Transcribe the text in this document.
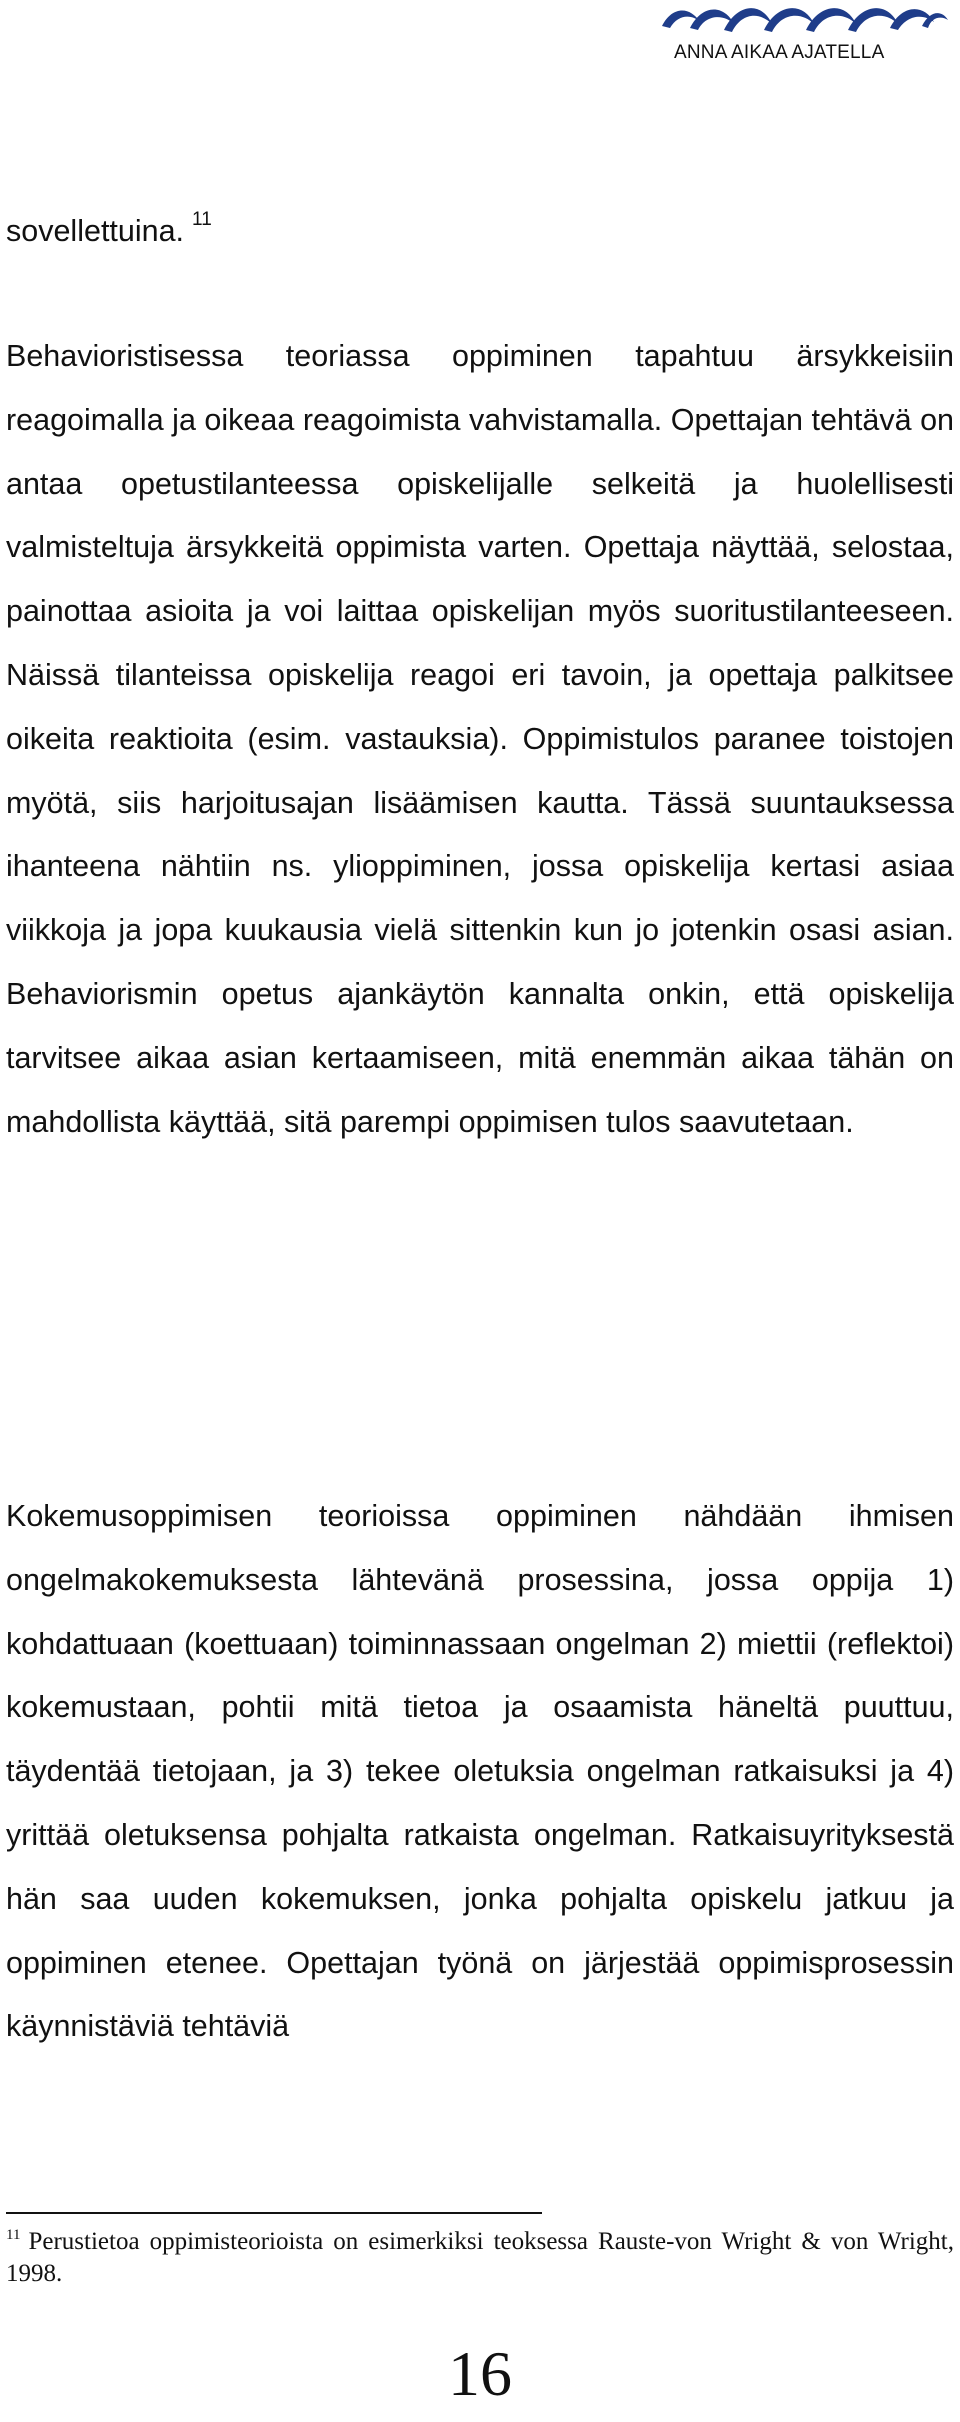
ANNA AIKAA AJATELLA

sovellettuina. $^{11}$

Behavioristisessa teoriassa oppiminen tapahtuu ärsykkeisiin reagoimalla ja oikeaa reagoimista vahvistamalla. Opettajan tehtävä on antaa opetustilanteessa opiskelijalle selkeitä ja huolellisesti valmisteltuja ärsykkeitä oppimista varten. Opettaja näyttää, selostaa, painottaa asioita ja voi laittaa opiskelijan myös suoritustilanteeseen. Näissä tilanteissa opiskelija reagoi eri tavoin, ja opettaja palkitsee oikeita reaktioita (esim. vastauksia). Oppimistulos paranee toistojen myötä, siis harjoitusajan lisäämisen kautta. Tässä suuntauksessa ihanteena nähtiin ns. ylioppiminen, jossa opiskelija kertasi asiaa viikkoja ja jopa kuukausia vielä sittenkin kun jo jotenkin osasi asian. Behaviorismin opetus ajankäytön kannalta onkin, että opiskelija tarvitsee aikaa asian kertaamiseen, mitä enemmän aikaa tähän on mahdollista käyttää, sitä parempi oppimisen tulos saavutetaan.

Kokemusoppimisen teorioissa oppiminen nähdään ihmisen ongelmakokemuksesta lähtevänä prosessina, jossa oppija 1) kohdattuaan (koettuaan) toiminnassaan ongelman 2) miettii (reflektoi) kokemustaan, pohtii mitä tietoa ja osaamista häneltä puuttuu, täydentää tietojaan, ja 3) tekee oletuksia ongelman ratkaisuksi ja 4) yrittää oletuksensa pohjalta ratkaista ongelman. Ratkaisuyrityksestä hän saa uuden kokemuksen, jonka pohjalta opiskelu jatkuu ja oppiminen etenee. Opettajan työnä on järjestää oppimisprosessin käynnistäviä tehtäviä

$^{11}$ Perustietoa oppimisteorioista on esimerkiksi teoksessa Rauste-von Wright & von Wright, 1998.

16
